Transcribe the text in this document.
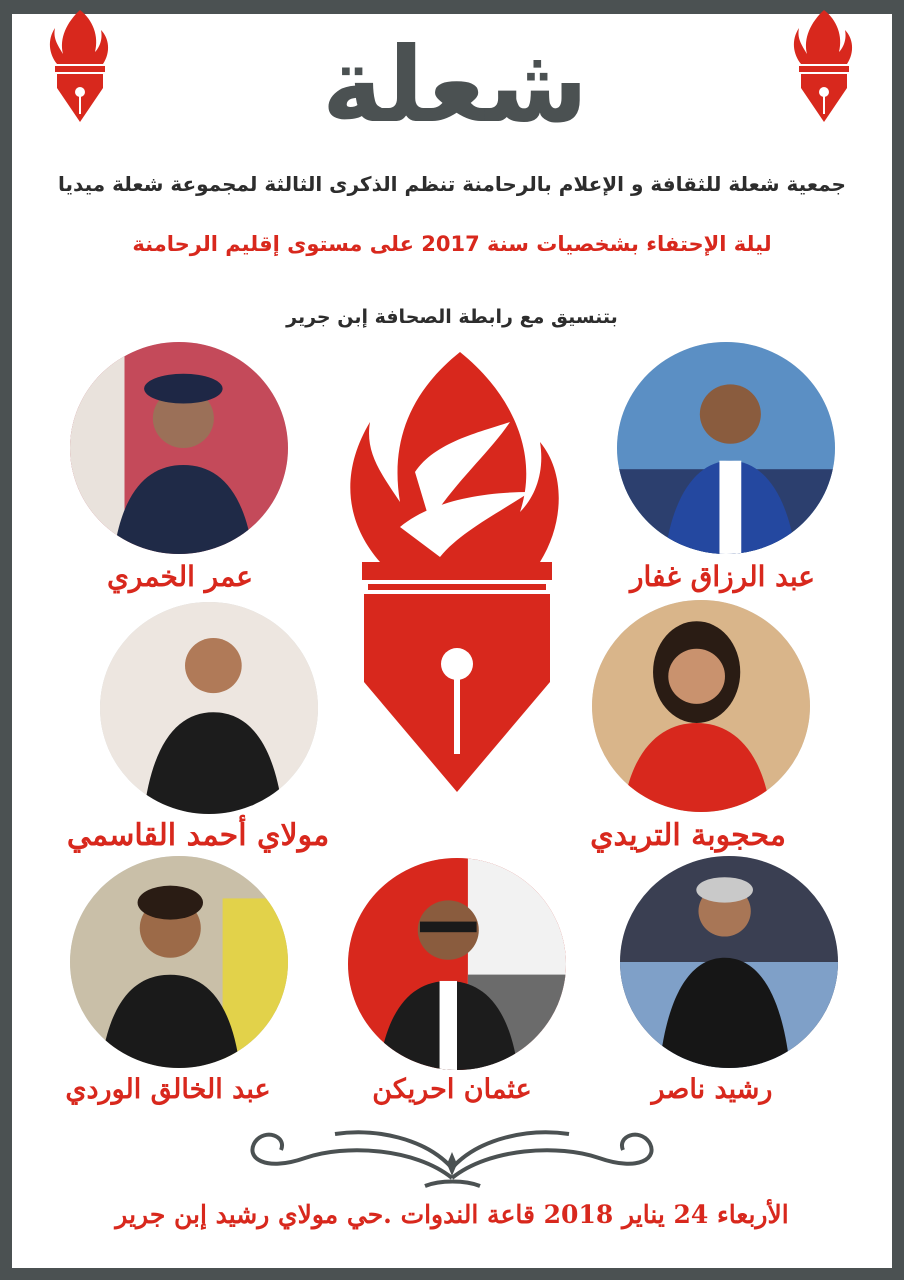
شعلة
جمعية شعلة للثقافة و الإعلام بالرحامنة تنظم الذكرى الثالثة لمجموعة شعلة ميديا
ليلة الإحتفاء بشخصيات سنة 2017 على مستوى إقليم الرحامنة
بتنسيق مع رابطة الصحافة إبن جرير
عمر الخمري	عبد الرزاق غفار
مولاي أحمد القاسمي	محجوبة التريدي
عبد الخالق الوردي	عثمان احريكن	رشيد ناصر
الأربعاء 24 يناير 2018 قاعة الندوات .حي مولاي رشيد إبن جرير
